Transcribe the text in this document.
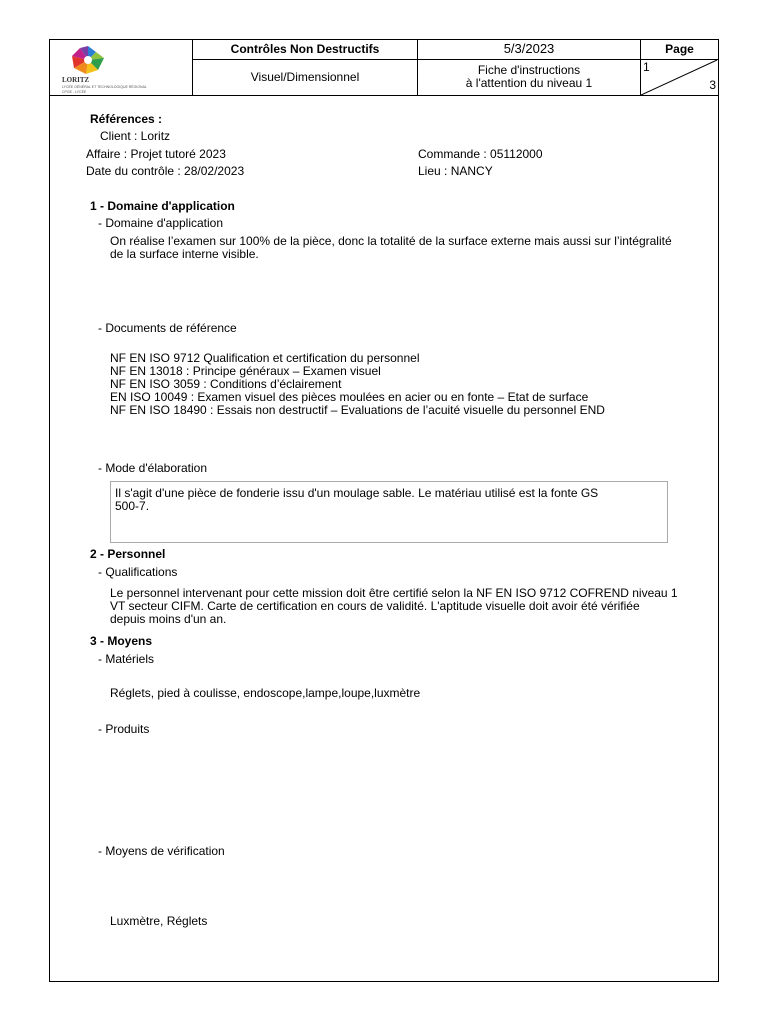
LORITZ
LYCÉE GÉNÉRAL ET TECHNOLOGIQUE RÉGIONAL
CPGE - LYCÉE
Contrôles Non Destructifs	5/3/2023	Page
Visuel/Dimensionnel	Fiche d'instructions
à l'attention du niveau 1
1
3
Références :
Client : Loritz
Affaire : Projet tutoré 2023	Commande : 05112000
Date du contrôle : 28/02/2023	Lieu : NANCY
1 - Domaine d'application
- Domaine d'application
On réalise l’examen sur 100% de la pièce, donc la totalité de la surface externe mais aussi sur l’intégralité
de la surface interne visible.
- Documents de référence
NF EN ISO 9712 Qualification et certification du personnel
NF EN 13018 : Principe généraux – Examen visuel
NF EN ISO 3059 : Conditions d’éclairement
EN ISO 10049 : Examen visuel des pièces moulées en acier ou en fonte – Etat de surface
NF EN ISO 18490 : Essais non destructif – Evaluations de l’acuité visuelle du personnel END
- Mode d'élaboration
Il s'agit d'une pièce de fonderie issu d'un moulage sable. Le matériau utilisé est la fonte GS
500-7.
2 - Personnel
- Qualifications
Le personnel intervenant pour cette mission doit être certifié selon la NF EN ISO 9712 COFREND niveau 1
VT secteur CIFM. Carte de certification en cours de validité. L'aptitude visuelle doit avoir été vérifiée
depuis moins d'un an.
3 - Moyens
- Matériels
Réglets, pied à coulisse, endoscope,lampe,loupe,luxmètre
- Produits
- Moyens de vérification
Luxmètre, Réglets
